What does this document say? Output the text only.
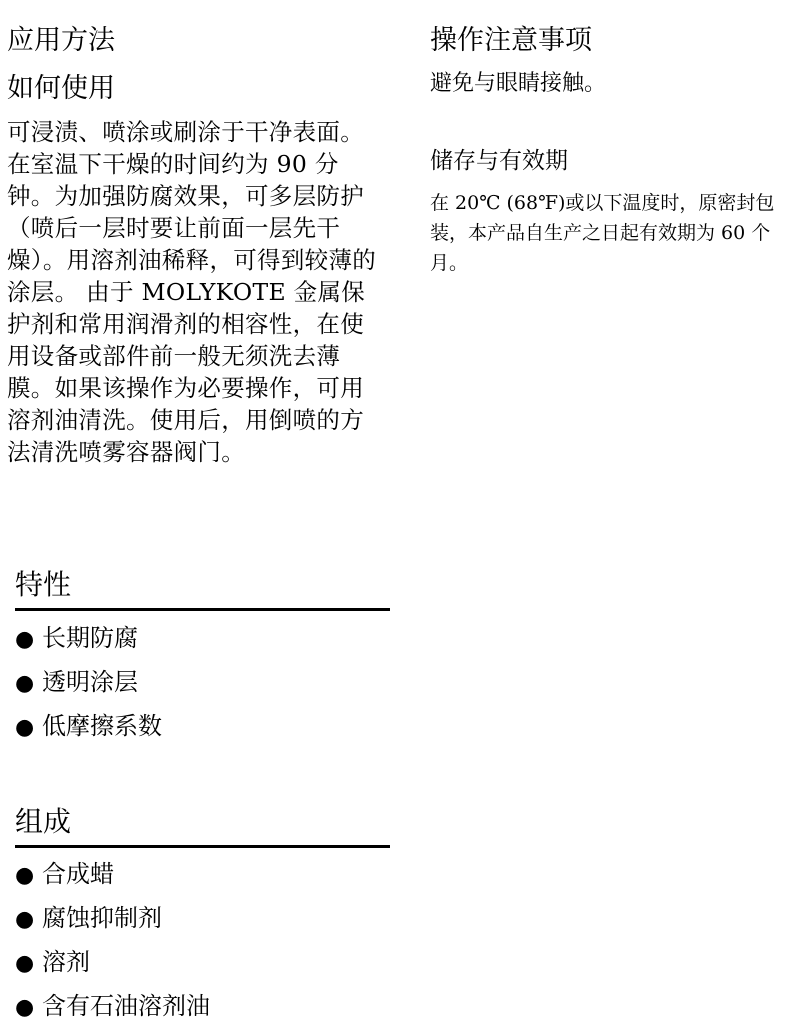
应用方法
如何使用

可浸渍、喷涂或刷涂于干净表面。在室温下干燥的时间约为 90 分钟。为加强防腐效果，可多层防护（喷后一层时要让前面一层先干燥）。用溶剂油稀释，可得到较薄的涂层。 由于 MOLYKOTE 金属保护剂和常用润滑剂的相容性，在使用设备或部件前一般无须洗去薄膜。如果该操作为必要操作，可用溶剂油清洗。使用后，用倒喷的方法清洗喷雾容器阀门。

操作注意事项

避免与眼睛接触。

储存与有效期

在 20℃ (68℉)或以下温度时，原密封包装，本产品自生产之日起有效期为 60 个月。

特性
● 长期防腐
● 透明涂层
● 低摩擦系数
组成
● 合成蜡
● 腐蚀抑制剂
● 溶剂
● 含有石油溶剂油
